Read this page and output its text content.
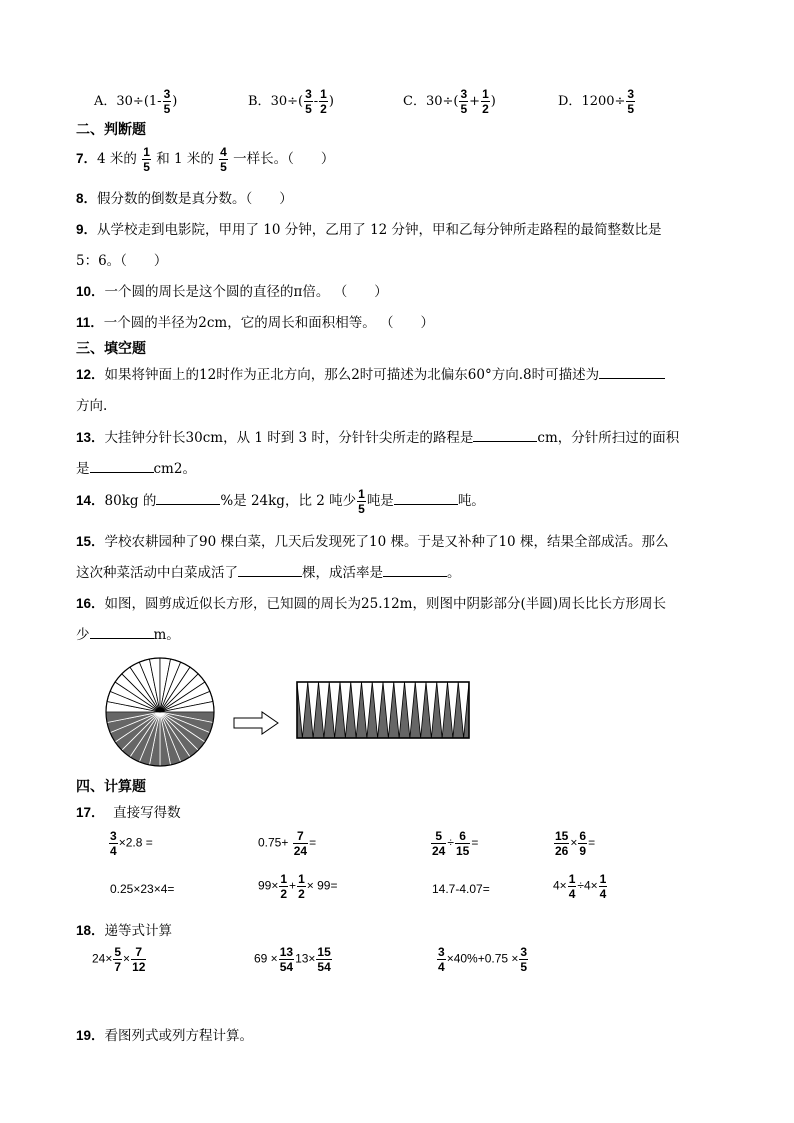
A．$30\div(1- \frac{3}{5}$ )	B．$30\div( \frac{3}{5} - \frac{1}{2}$ )	C．$30\div( \frac{3}{5} + \frac{1}{2}$ )	D．$1200\div \frac{3}{5}$
二、判断题
7．4 米的 $\frac{1}{5}$ 和 1 米的 $\frac{4}{5}$ 一样长。（　　）
8．假分数的倒数是真分数。（　　）
9．从学校走到电影院，甲用了 10 分钟，乙用了 12 分钟，甲和乙每分钟所走路程的最简整数比是
5：6。（　　）
10．一个圆的周长是这个圆的直径的π倍。 （　　）
11．一个圆的半径为2cm，它的周长和面积相等。 （　　）
三、填空题
12．如果将钟面上的12时作为正北方向，那么2时可描述为北偏东60°方向.8时可描述为
方向.
13．大挂钟分针长30cm，从 1 时到 3 时，分针针尖所走的路程是	cm，分针所扫过的面积
是	cm2。
14．80kg 的	%是 24kg，比 2 吨少 $\frac{1}{5}$ 吨是	吨。
15．学校农耕园种了90 棵白菜，几天后发现死了10 棵。于是又补种了10 棵，结果全部成活。那么
这次种菜活动中白菜成活了	棵，成活率是	。
16．如图，圆剪成近似长方形，已知圆的周长为25.12m，则图中阴影部分(半圆)周长比长方形周长
少	m。
四、计算题
17． 直接写得数
$\frac{3}{4} \times 2.8$ =	$0.75+ \frac{7}{24}$ =	$\frac{5}{24} \div \frac{6}{15}$ =	$\frac{15}{26} \times \frac{6}{9}$ =
0.25×23×4=	$99\times \frac{1}{2} + \frac{1}{2} \times 99=$	14.7-4.07=	$4\times \frac{1}{4} \div 4\times \frac{1}{4}$
18．递等式计算
$24\times \frac{5}{7} \times \frac{7}{12}$	$69 \times \frac{13}{54} 13\times \frac{15}{54}$	$\frac{3}{4} \times 40\%+0.75 \times \frac{3}{5}$
19．看图列式或列方程计算。
